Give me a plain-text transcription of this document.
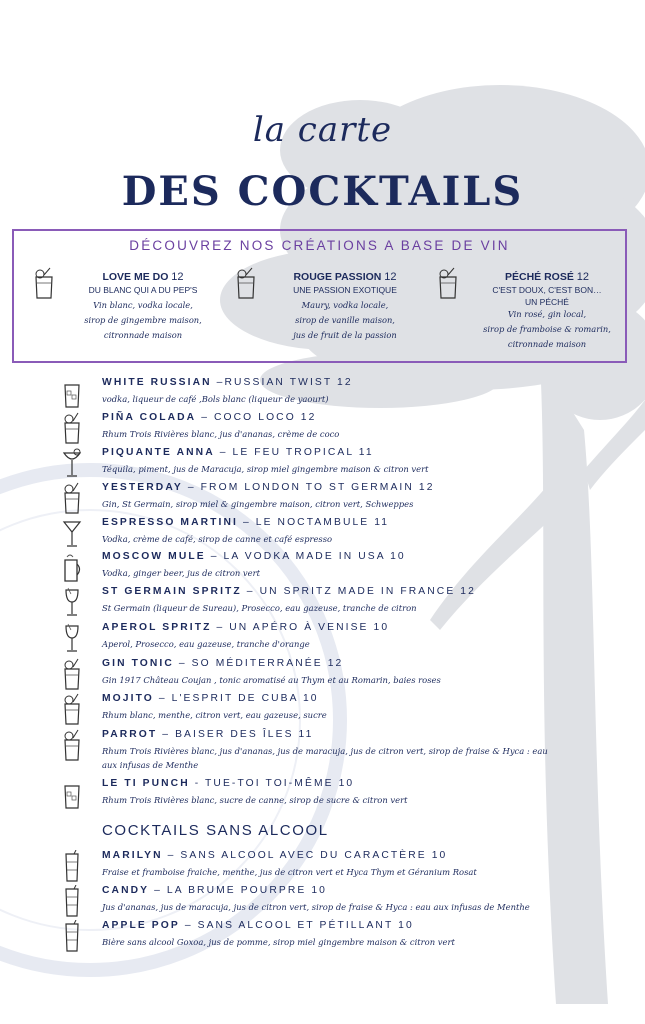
la carte
DES COCKTAILS
DÉCOUVREZ NOS CRÉATIONS A BASE DE VIN
LOVE ME DO 12
DU BLANC QUI A DU PEP'S
Vin blanc, vodka locale,
sirop de gingembre maison,
citronnade maison
ROUGE PASSION 12
UNE PASSION EXOTIQUE
Maury, vodka locale,
sirop de vanille maison,
jus de fruit de la passion
PÉCHÉ ROSÉ 12
C'EST DOUX, C'EST BON…
UN PÉCHÉ
Vin rosé, gin local,
sirop de framboise & romarin,
citronnade maison
WHITE RUSSIAN –RUSSIAN TWIST 12
vodka, liqueur de café ,Bols blanc (liqueur de yaourt)
PIÑA COLADA – COCO LOCO 12
Rhum Trois Rivières blanc, jus d'ananas, crème de coco
PIQUANTE ANNA – LE FEU TROPICAL 11
Téquila, piment, jus de Maracuja, sirop miel gingembre maison & citron vert
YESTERDAY – FROM LONDON TO ST GERMAIN 12
Gin, St Germain, sirop miel & gingembre maison, citron vert, Schweppes
ESPRESSO MARTINI – LE NOCTAMBULE 11
Vodka, crème de café, sirop de canne et café espresso
MOSCOW MULE – LA VODKA MADE IN USA 10
Vodka, ginger beer, jus de citron vert
ST GERMAIN SPRITZ – UN SPRITZ MADE IN FRANCE 12
St Germain (liqueur de Sureau), Prosecco, eau gazeuse, tranche de citron
APEROL SPRITZ – UN APÉRO À VENISE 10
Aperol, Prosecco, eau gazeuse, tranche d'orange
GIN TONIC – SO MÉDITERRANÉE 12
Gin 1917 Château Coujan , tonic aromatisé au Thym et au Romarin, baies roses
MOJITO – L'ESPRIT DE CUBA 10
Rhum blanc, menthe, citron vert, eau gazeuse, sucre
PARROT – BAISER DES ÎLES 11
Rhum Trois Rivières blanc, jus d'ananas, jus de maracuja, jus de citron vert, sirop de fraise & Hyca : eau aux infusas de Menthe
LE TI PUNCH - TUE-TOI TOI-MÊME 10
Rhum Trois Rivières blanc, sucre de canne, sirop de sucre & citron vert
COCKTAILS SANS ALCOOL
MARILYN – SANS ALCOOL AVEC DU CARACTÈRE 10
Fraise et framboise fraiche, menthe, jus de citron vert et Hyca Thym et Géranium Rosat
CANDY – LA BRUME POURPRE 10
Jus d'ananas, jus de maracuja, jus de citron vert, sirop de fraise & Hyca : eau aux infusas de Menthe
APPLE POP – SANS ALCOOL ET PÉTILLANT 10
Bière sans alcool Goxoa, jus de pomme, sirop miel gingembre maison & citron vert
